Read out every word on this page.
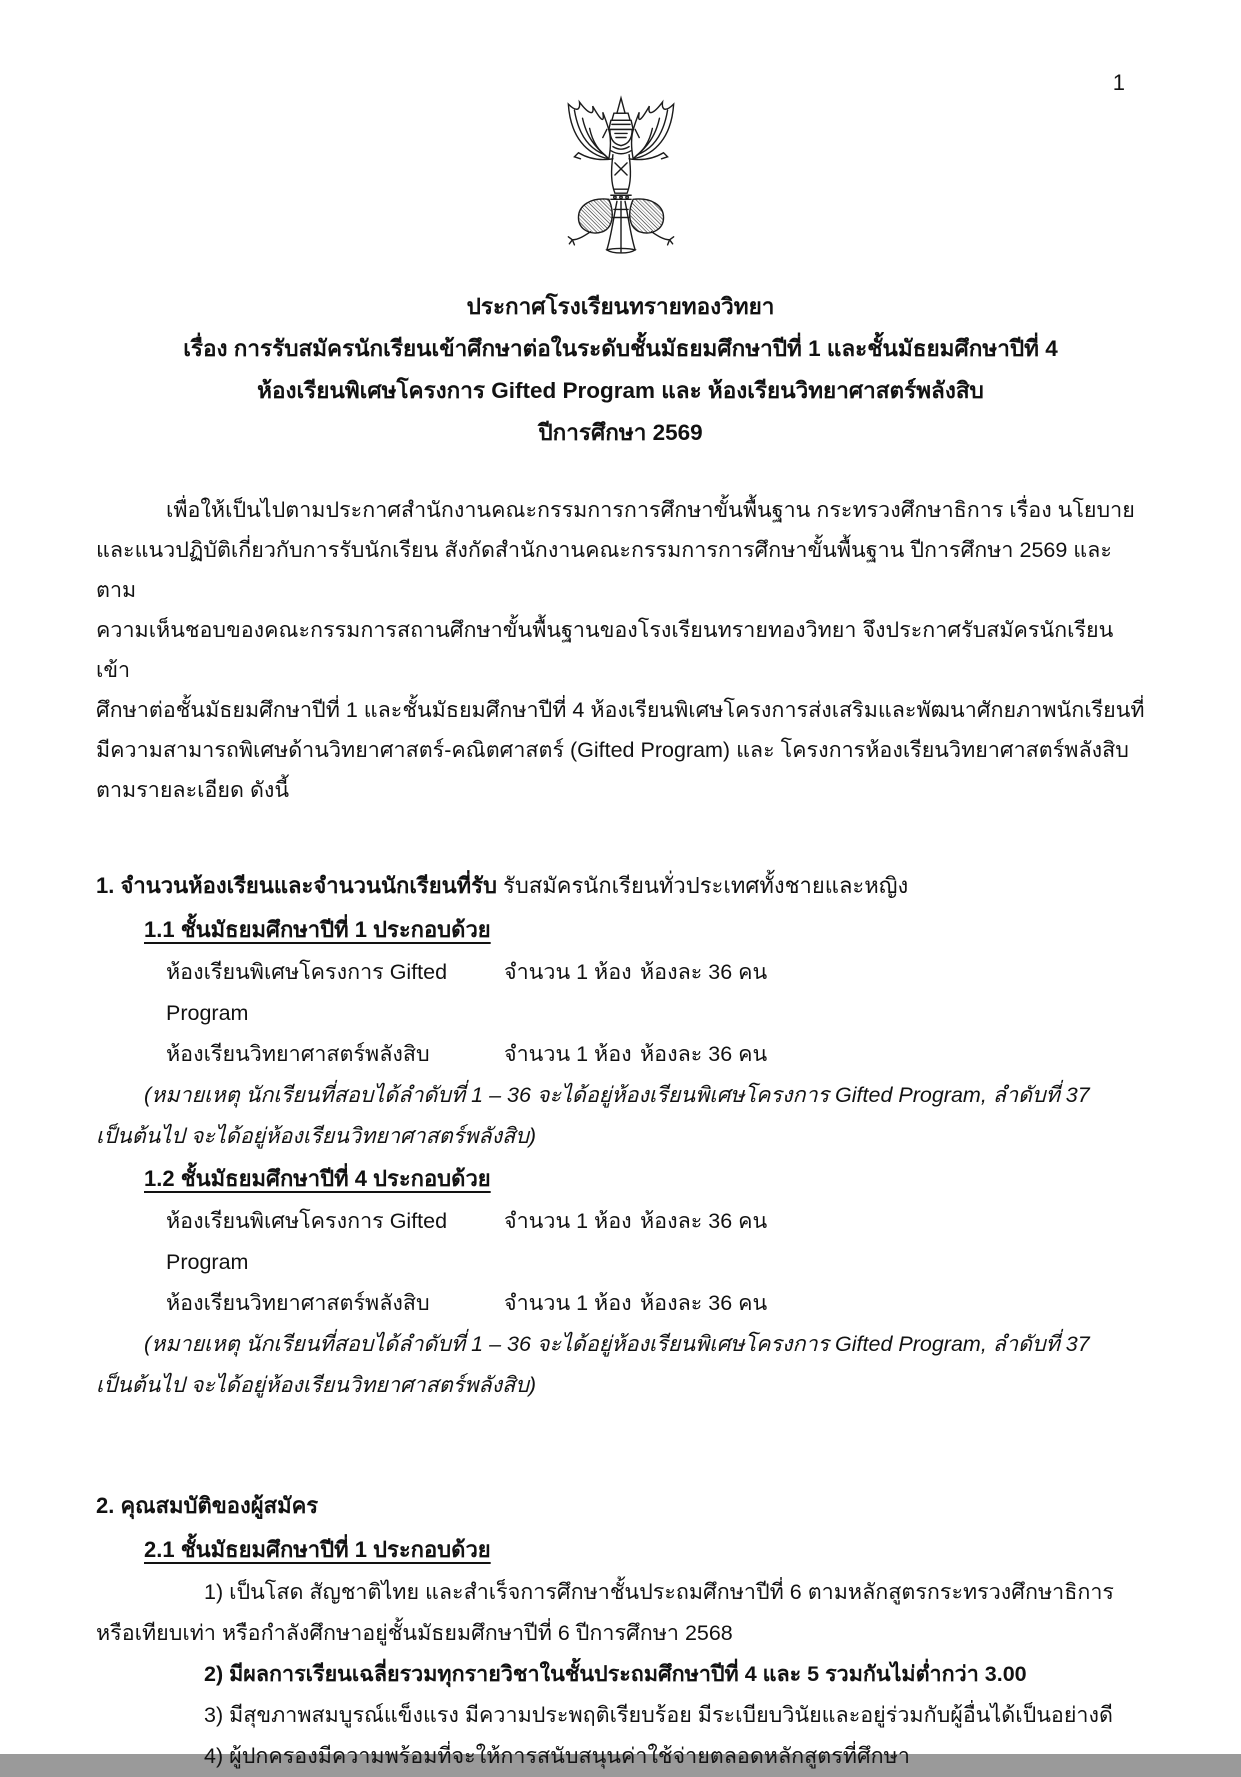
1
ประกาศโรงเรียนทรายทองวิทยา
เรื่อง การรับสมัครนักเรียนเข้าศึกษาต่อในระดับชั้นมัธยมศึกษาปีที่ 1 และชั้นมัธยมศึกษาปีที่ 4
ห้องเรียนพิเศษโครงการ Gifted Program และ ห้องเรียนวิทยาศาสตร์พลังสิบ
ปีการศึกษา 2569
เพื่อให้เป็นไปตามประกาศสำนักงานคณะกรรมการการศึกษาขั้นพื้นฐาน กระทรวงศึกษาธิการ เรื่อง นโยบาย
และแนวปฏิบัติเกี่ยวกับการรับนักเรียน สังกัดสำนักงานคณะกรรมการการศึกษาขั้นพื้นฐาน ปีการศึกษา 2569 และตาม
ความเห็นชอบของคณะกรรมการสถานศึกษาขั้นพื้นฐานของโรงเรียนทรายทองวิทยา จึงประกาศรับสมัครนักเรียนเข้า
ศึกษาต่อชั้นมัธยมศึกษาปีที่ 1 และชั้นมัธยมศึกษาปีที่ 4 ห้องเรียนพิเศษโครงการส่งเสริมและพัฒนาศักยภาพนักเรียนที่
มีความสามารถพิเศษด้านวิทยาศาสตร์-คณิตศาสตร์ (Gifted Program) และ โครงการห้องเรียนวิทยาศาสตร์พลังสิบ
ตามรายละเอียด ดังนี้
1. จำนวนห้องเรียนและจำนวนนักเรียนที่รับ รับสมัครนักเรียนทั่วประเทศทั้งชายและหญิง
1.1 ชั้นมัธยมศึกษาปีที่ 1 ประกอบด้วย
ห้องเรียนพิเศษโครงการ Gifted Program
จำนวน 1 ห้อง ห้องละ 36 คน
ห้องเรียนวิทยาศาสตร์พลังสิบ	จำนวน 1 ห้อง ห้องละ 36 คน
(หมายเหตุ นักเรียนที่สอบได้ลำดับที่ 1 – 36 จะได้อยู่ห้องเรียนพิเศษโครงการ Gifted Program, ลำดับที่ 37
เป็นต้นไป จะได้อยู่ห้องเรียนวิทยาศาสตร์พลังสิบ)
1.2 ชั้นมัธยมศึกษาปีที่ 4 ประกอบด้วย
ห้องเรียนพิเศษโครงการ Gifted Program
จำนวน 1 ห้อง ห้องละ 36 คน
ห้องเรียนวิทยาศาสตร์พลังสิบ	จำนวน 1 ห้อง ห้องละ 36 คน
(หมายเหตุ นักเรียนที่สอบได้ลำดับที่ 1 – 36 จะได้อยู่ห้องเรียนพิเศษโครงการ Gifted Program, ลำดับที่ 37
เป็นต้นไป จะได้อยู่ห้องเรียนวิทยาศาสตร์พลังสิบ)
2. คุณสมบัติของผู้สมัคร
2.1 ชั้นมัธยมศึกษาปีที่ 1 ประกอบด้วย
1) เป็นโสด สัญชาติไทย และสำเร็จการศึกษาชั้นประถมศึกษาปีที่ 6 ตามหลักสูตรกระทรวงศึกษาธิการ
หรือเทียบเท่า หรือกำลังศึกษาอยู่ชั้นมัธยมศึกษาปีที่ 6 ปีการศึกษา 2568
2) มีผลการเรียนเฉลี่ยรวมทุกรายวิชาในชั้นประถมศึกษาปีที่ 4 และ 5 รวมกันไม่ต่ำกว่า 3.00
3) มีสุขภาพสมบูรณ์แข็งแรง มีความประพฤติเรียบร้อย มีระเบียบวินัยและอยู่ร่วมกับผู้อื่นได้เป็นอย่างดี
4) ผู้ปกครองมีความพร้อมที่จะให้การสนับสนุนค่าใช้จ่ายตลอดหลักสูตรที่ศึกษา
